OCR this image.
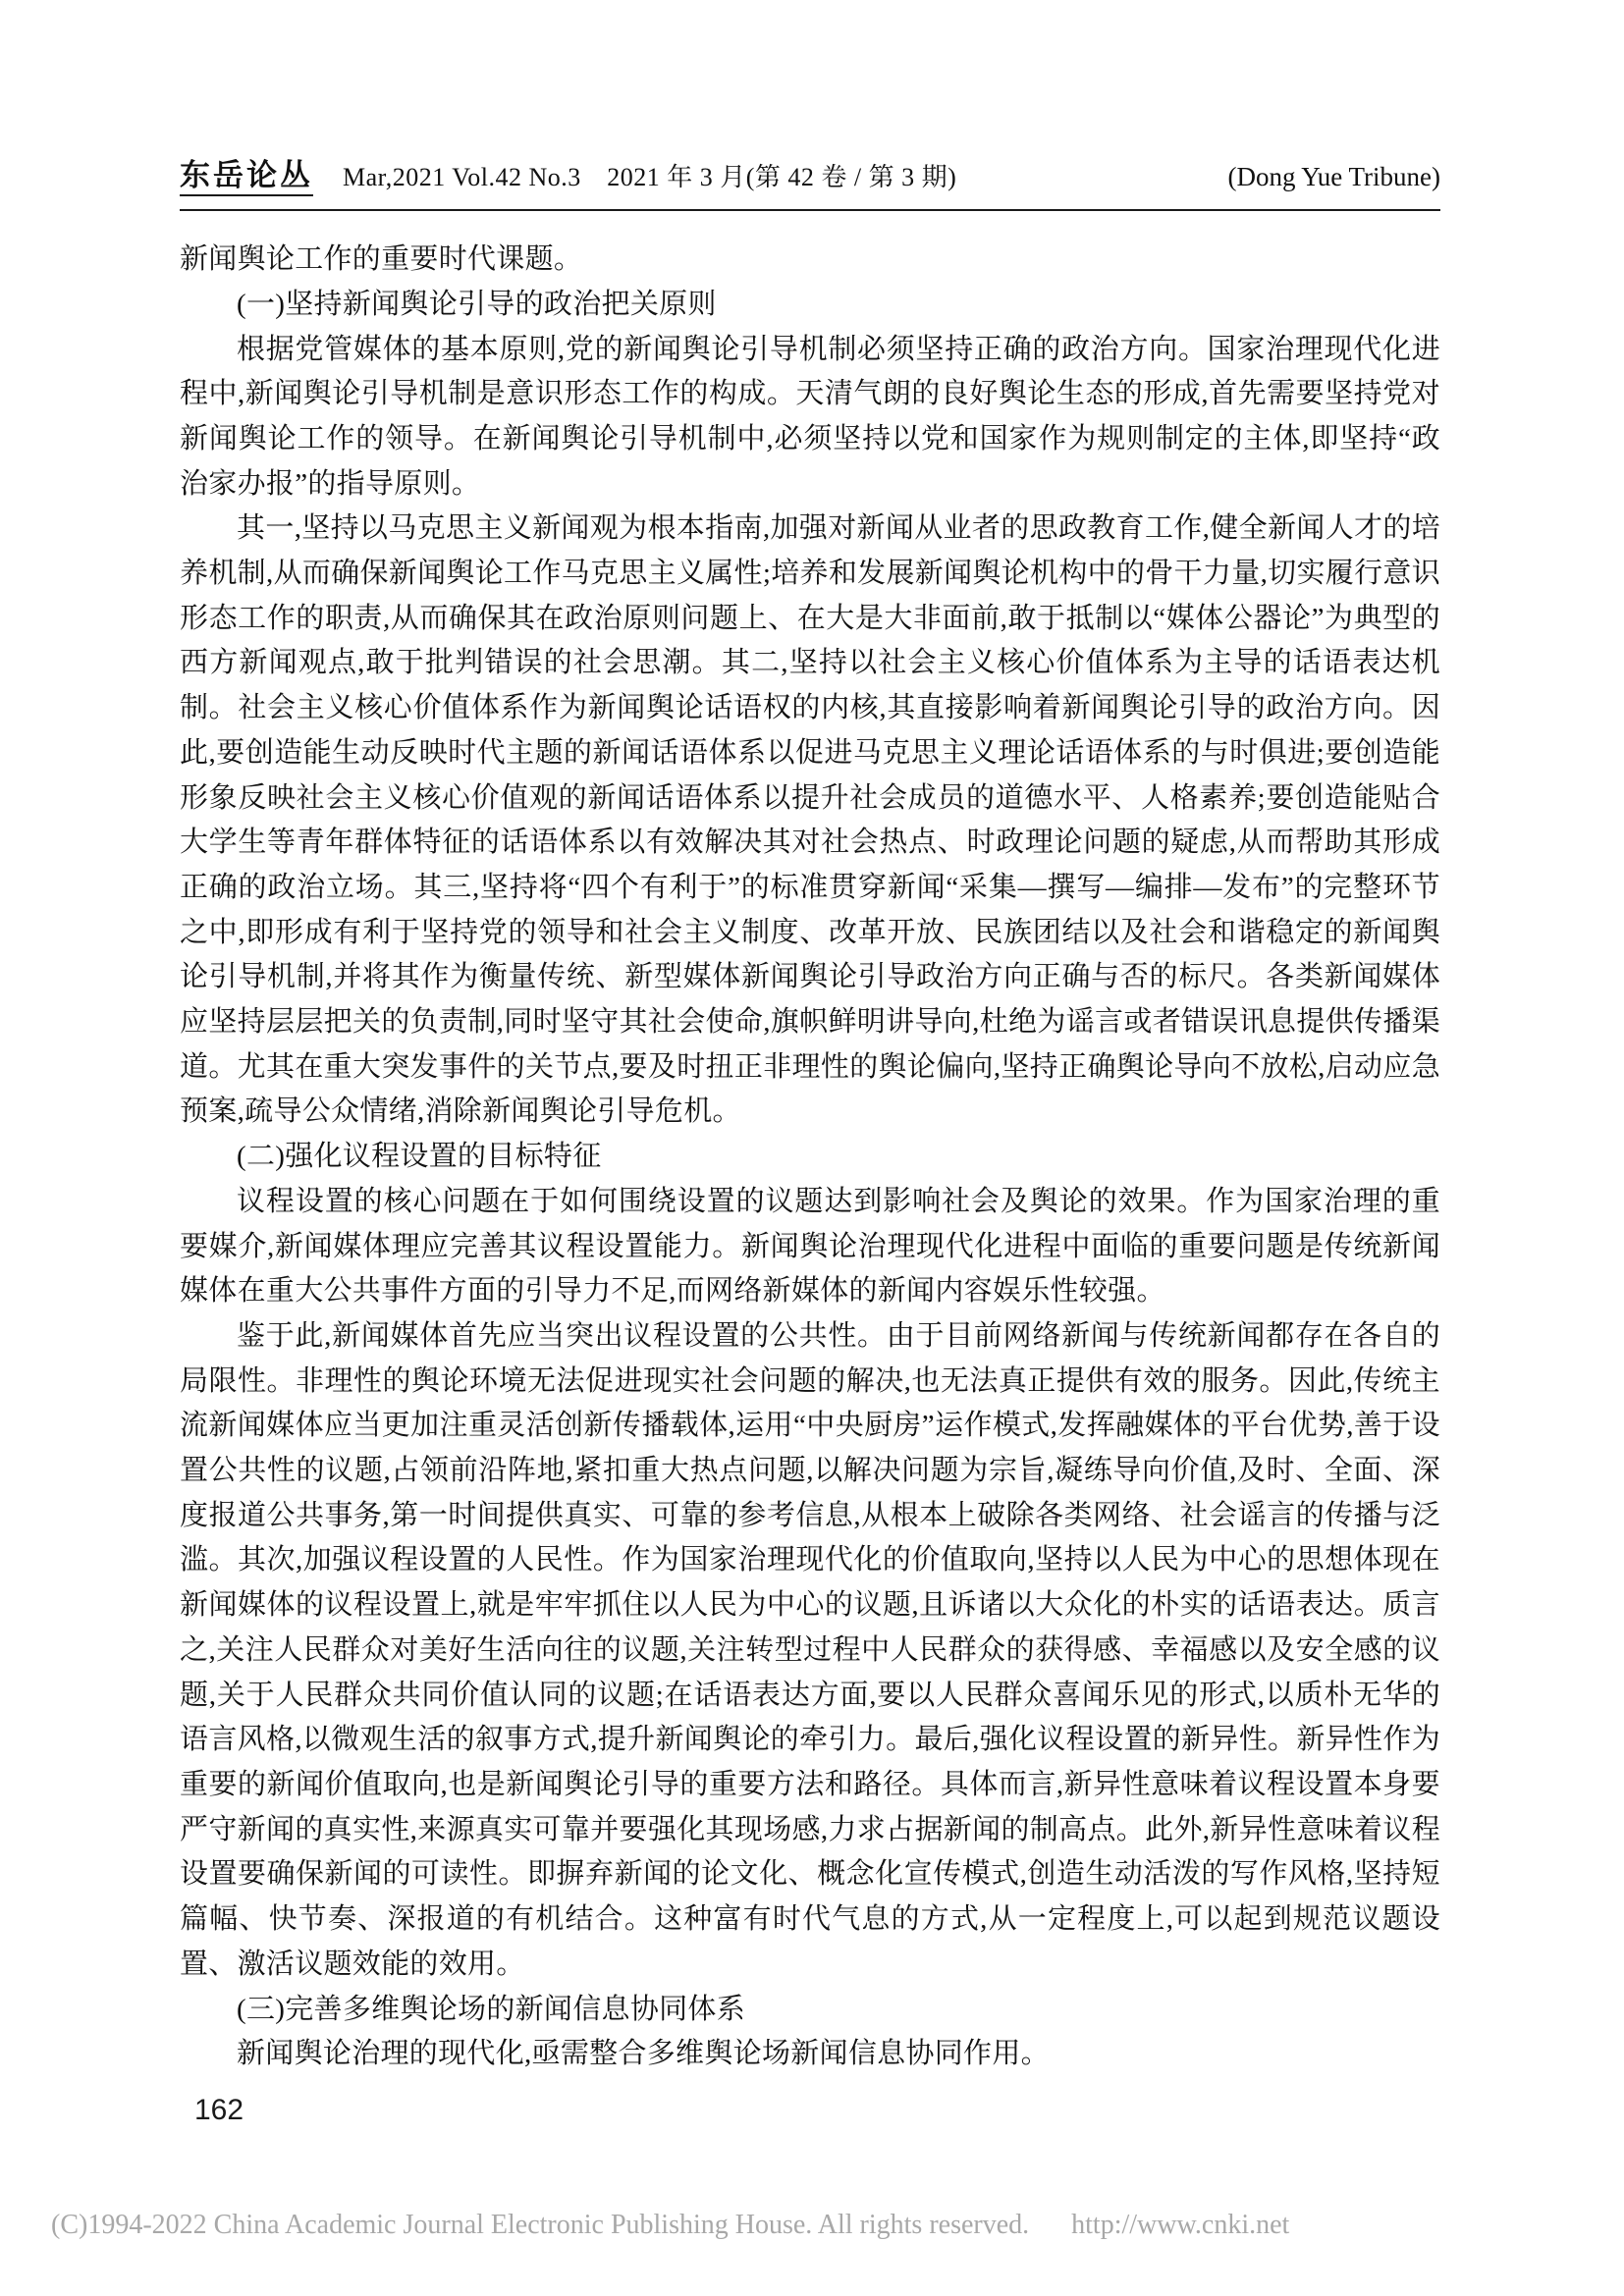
东岳论丛 Mar,2021 Vol.42 No.3　2021 年 3 月(第 42 卷 / 第 3 期)	(Dong Yue Tribune)

新闻舆论工作的重要时代课题。

(一)坚持新闻舆论引导的政治把关原则

根据党管媒体的基本原则,党的新闻舆论引导机制必须坚持正确的政治方向。国家治理现代化进程中,新闻舆论引导机制是意识形态工作的构成。天清气朗的良好舆论生态的形成,首先需要坚持党对新闻舆论工作的领导。在新闻舆论引导机制中,必须坚持以党和国家作为规则制定的主体,即坚持“政治家办报”的指导原则。

其一,坚持以马克思主义新闻观为根本指南,加强对新闻从业者的思政教育工作,健全新闻人才的培养机制,从而确保新闻舆论工作马克思主义属性;培养和发展新闻舆论机构中的骨干力量,切实履行意识形态工作的职责,从而确保其在政治原则问题上、在大是大非面前,敢于抵制以“媒体公器论”为典型的西方新闻观点,敢于批判错误的社会思潮。其二,坚持以社会主义核心价值体系为主导的话语表达机制。社会主义核心价值体系作为新闻舆论话语权的内核,其直接影响着新闻舆论引导的政治方向。因此,要创造能生动反映时代主题的新闻话语体系以促进马克思主义理论话语体系的与时俱进;要创造能形象反映社会主义核心价值观的新闻话语体系以提升社会成员的道德水平、人格素养;要创造能贴合大学生等青年群体特征的话语体系以有效解决其对社会热点、时政理论问题的疑虑,从而帮助其形成正确的政治立场。其三,坚持将“四个有利于”的标准贯穿新闻“采集—撰写—编排—发布”的完整环节之中,即形成有利于坚持党的领导和社会主义制度、改革开放、民族团结以及社会和谐稳定的新闻舆论引导机制,并将其作为衡量传统、新型媒体新闻舆论引导政治方向正确与否的标尺。各类新闻媒体应坚持层层把关的负责制,同时坚守其社会使命,旗帜鲜明讲导向,杜绝为谣言或者错误讯息提供传播渠道。尤其在重大突发事件的关节点,要及时扭正非理性的舆论偏向,坚持正确舆论导向不放松,启动应急预案,疏导公众情绪,消除新闻舆论引导危机。

(二)强化议程设置的目标特征

议程设置的核心问题在于如何围绕设置的议题达到影响社会及舆论的效果。作为国家治理的重要媒介,新闻媒体理应完善其议程设置能力。新闻舆论治理现代化进程中面临的重要问题是传统新闻媒体在重大公共事件方面的引导力不足,而网络新媒体的新闻内容娱乐性较强。

鉴于此,新闻媒体首先应当突出议程设置的公共性。由于目前网络新闻与传统新闻都存在各自的局限性。非理性的舆论环境无法促进现实社会问题的解决,也无法真正提供有效的服务。因此,传统主流新闻媒体应当更加注重灵活创新传播载体,运用“中央厨房”运作模式,发挥融媒体的平台优势,善于设置公共性的议题,占领前沿阵地,紧扣重大热点问题,以解决问题为宗旨,凝练导向价值,及时、全面、深度报道公共事务,第一时间提供真实、可靠的参考信息,从根本上破除各类网络、社会谣言的传播与泛滥。其次,加强议程设置的人民性。作为国家治理现代化的价值取向,坚持以人民为中心的思想体现在新闻媒体的议程设置上,就是牢牢抓住以人民为中心的议题,且诉诸以大众化的朴实的话语表达。质言之,关注人民群众对美好生活向往的议题,关注转型过程中人民群众的获得感、幸福感以及安全感的议题,关于人民群众共同价值认同的议题;在话语表达方面,要以人民群众喜闻乐见的形式,以质朴无华的语言风格,以微观生活的叙事方式,提升新闻舆论的牵引力。最后,强化议程设置的新异性。新异性作为重要的新闻价值取向,也是新闻舆论引导的重要方法和路径。具体而言,新异性意味着议程设置本身要严守新闻的真实性,来源真实可靠并要强化其现场感,力求占据新闻的制高点。此外,新异性意味着议程设置要确保新闻的可读性。即摒弃新闻的论文化、概念化宣传模式,创造生动活泼的写作风格,坚持短篇幅、快节奏、深报道的有机结合。这种富有时代气息的方式,从一定程度上,可以起到规范议题设置、激活议题效能的效用。

(三)完善多维舆论场的新闻信息协同体系

新闻舆论治理的现代化,亟需整合多维舆论场新闻信息协同作用。

162
(C)1994-2022 China Academic Journal Electronic Publishing House. All rights reserved. http://www.cnki.net
